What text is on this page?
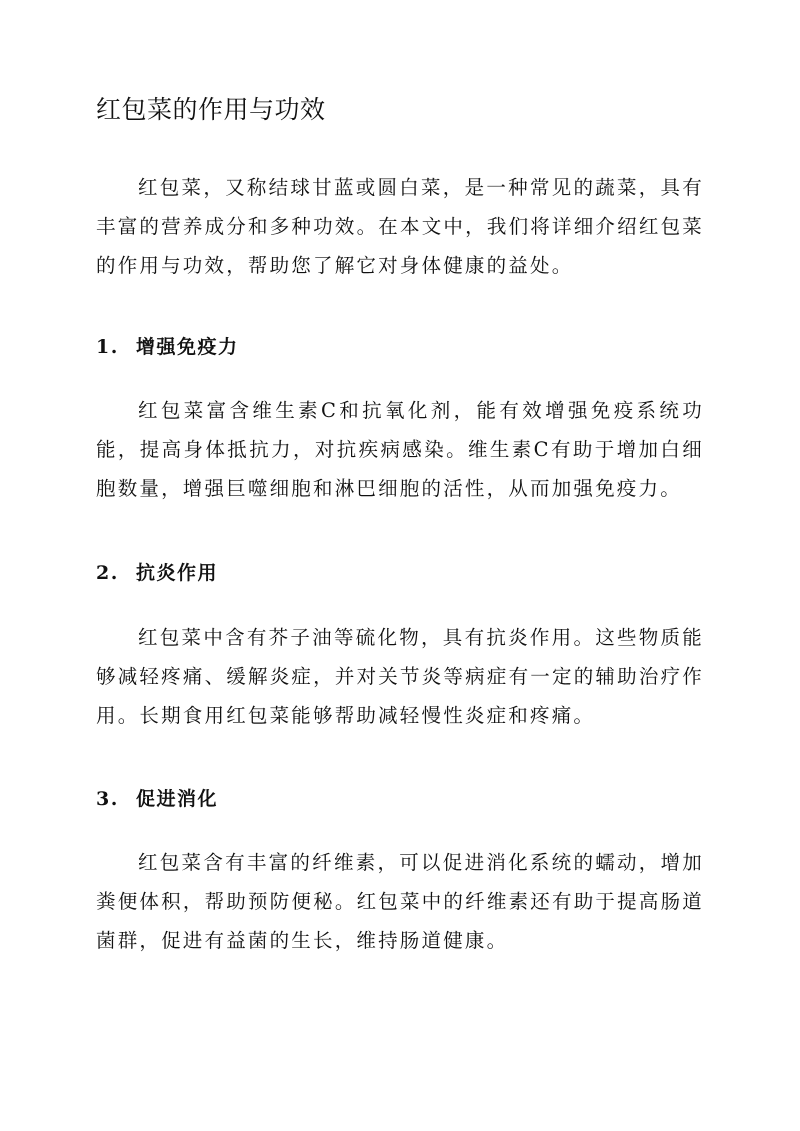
红包菜的作用与功效

红包菜，又称结球甘蓝或圆白菜，是一种常见的蔬菜，具有丰富的营养成分和多种功效。在本文中，我们将详细介绍红包菜的作用与功效，帮助您了解它对身体健康的益处。

1. 增强免疫力

红包菜富含维生素C和抗氧化剂，能有效增强免疫系统功能，提高身体抵抗力，对抗疾病感染。维生素C有助于增加白细胞数量，增强巨噬细胞和淋巴细胞的活性，从而加强免疫力。

2. 抗炎作用

红包菜中含有芥子油等硫化物，具有抗炎作用。这些物质能够减轻疼痛、缓解炎症，并对关节炎等病症有一定的辅助治疗作用。长期食用红包菜能够帮助减轻慢性炎症和疼痛。

3. 促进消化

红包菜含有丰富的纤维素，可以促进消化系统的蠕动，增加粪便体积，帮助预防便秘。红包菜中的纤维素还有助于提高肠道菌群，促进有益菌的生长，维持肠道健康。
